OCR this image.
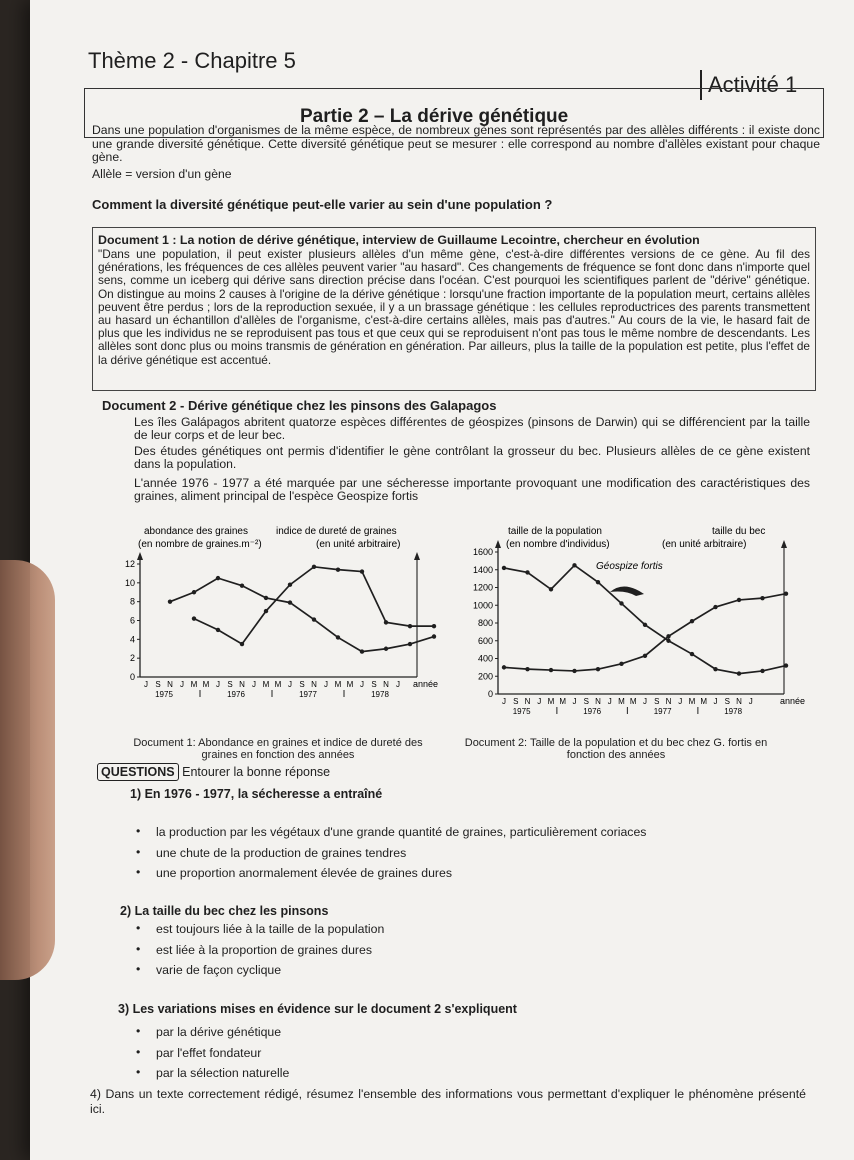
Thème 2 - Chapitre 5
Activité 1
Partie 2 – La dérive génétique

Dans une population d'organismes de la même espèce, de nombreux gènes sont représentés par des allèles différents : il existe donc une grande diversité génétique. Cette diversité génétique peut se mesurer : elle correspond au nombre d'allèles existant pour chaque gène.

Allèle = version d'un gène
Comment la diversité génétique peut-elle varier au sein d'une population ?
Document 1 : La notion de dérive génétique, interview de Guillaume Lecointre, chercheur en évolution

"Dans une population, il peut exister plusieurs allèles d'un même gène, c'est-à-dire différentes versions de ce gène. Au fil des générations, les fréquences de ces allèles peuvent varier "au hasard". Ces changements de fréquence se font donc dans n'importe quel sens, comme un iceberg qui dérive sans direction précise dans l'océan. C'est pourquoi les scientifiques parlent de "dérive" génétique. On distingue au moins 2 causes à l'origine de la dérive génétique : lorsqu'une fraction importante de la population meurt, certains allèles peuvent être perdus ; lors de la reproduction sexuée, il y a un brassage génétique : les cellules reproductrices des parents transmettent au hasard un échantillon d'allèles de l'organisme, c'est-à-dire certains allèles, mais pas d'autres." Au cours de la vie, le hasard fait de plus que les individus ne se reproduisent pas tous et que ceux qui se reproduisent n'ont pas tous le même nombre de descendants. Les allèles sont donc plus ou moins transmis de génération en génération. Par ailleurs, plus la taille de la population est petite, plus l'effet de la dérive génétique est accentué.

Document 2 - Dérive génétique chez les pinsons des Galapagos

Les îles Galápagos abritent quatorze espèces différentes de géospizes (pinsons de Darwin) qui se différencient par la taille de leur corps et de leur bec.

Des études génétiques ont permis d'identifier le gène contrôlant la grosseur du bec. Plusieurs allèles de ce gène existent dans la population.

L'année 1976 - 1977 a été marquée par une sécheresse importante provoquant une modification des caractéristiques des graines, aliment principal de l'espèce Geospize fortis

0
2
4
6
8
10
12
J S N J M M J S N J M M J S N J M M J S N J
1975	1976	1977	1978
année
abondance des graines
(en nombre de graines.m⁻²)
indice de dureté de graines
(en unité arbitraire)
Document 1: Abondance en graines et indice de dureté des graines en fonction des années
0
200
400
600
800
1000
1200
1400
1600
J S N J M M J S N J M M J S N J M M J S N J
1975	1976	1977	1978
année
taille de la population
(en nombre d'individus)
taille du bec
(en unité arbitraire)
Géospize fortis
Document 2: Taille de la population et du bec chez G. fortis en fonction des années
QUESTIONS Entourer la bonne réponse
1) En 1976 - 1977, la sécheresse a entraîné
• la production par les végétaux d'une grande quantité de graines, particulièrement coriaces
• une chute de la production de graines tendres
• une proportion anormalement élevée de graines dures
2) La taille du bec chez les pinsons
• est toujours liée à la taille de la population
• est liée à la proportion de graines dures
• varie de façon cyclique
3) Les variations mises en évidence sur le document 2 s'expliquent
• par la dérive génétique
• par l'effet fondateur
• par la sélection naturelle

4) Dans un texte correctement rédigé, résumez l'ensemble des informations vous permettant d'expliquer le phénomène présenté ici.
